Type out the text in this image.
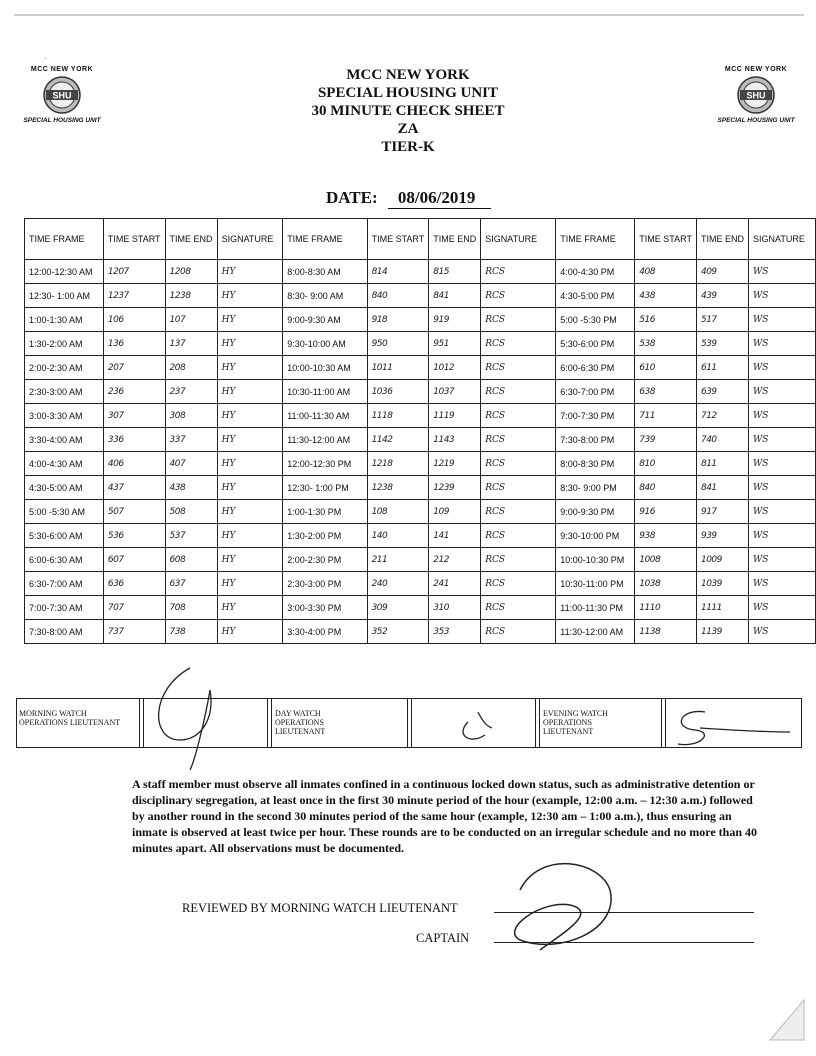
·
MCC NEW YORK
SHU
SPECIAL HOUSING UNIT
MCC NEW YORK
SHU
SPECIAL HOUSING UNIT
MCC NEW YORK
SPECIAL HOUSING UNIT
30 MINUTE CHECK SHEET
ZA
TIER-K
DATE: 08/06/2019
TIME FRAME	TIME START	TIME END	SIGNATURE	TIME FRAME	TIME START	TIME END	SIGNATURE	TIME FRAME	TIME START	TIME END	SIGNATURE
12:00-12:30 AM	1207	1208	HY	8:00-8:30 AM	814	815	RCS	4:00-4:30 PM	408	409	WS
12:30- 1:00 AM	1237	1238	HY	8:30- 9:00 AM	840	841	RCS	4:30-5:00 PM	438	439	WS
1:00-1:30 AM	106	107	HY	9:00-9:30 AM	918	919	RCS	5:00 -5:30 PM	516	517	WS
1:30-2:00 AM	136	137	HY	9:30-10:00 AM	950	951	RCS	5:30-6:00 PM	538	539	WS
2:00-2:30 AM	207	208	HY	10:00-10:30 AM	1011	1012	RCS	6:00-6:30 PM	610	611	WS
2:30-3:00 AM	236	237	HY	10:30-11:00 AM	1036	1037	RCS	6:30-7:00 PM	638	639	WS
3:00-3:30 AM	307	308	HY	11:00-11:30 AM	1118	1119	RCS	7:00-7:30 PM	711	712	WS
3:30-4:00 AM	336	337	HY	11:30-12:00 AM	1142	1143	RCS	7:30-8:00 PM	739	740	WS
4:00-4:30 AM	406	407	HY	12:00-12:30 PM	1218	1219	RCS	8:00-8:30 PM	810	811	WS
4:30-5:00 AM	437	438	HY	12:30- 1:00 PM	1238	1239	RCS	8:30- 9:00 PM	840	841	WS
5:00 -5:30 AM	507	508	HY	1:00-1:30 PM	108	109	RCS	9:00-9:30 PM	916	917	WS
5:30-6:00 AM	536	537	HY	1:30-2:00 PM	140	141	RCS	9:30-10:00 PM	938	939	WS
6:00-6:30 AM	607	608	HY	2:00-2:30 PM	211	212	RCS	10:00-10:30 PM	1008	1009	WS
6:30-7:00 AM	636	637	HY	2:30-3:00 PM	240	241	RCS	10:30-11:00 PM	1038	1039	WS
7:00-7:30 AM	707	708	HY	3:00-3:30 PM	309	310	RCS	11:00-11:30 PM	1110	1111	WS
7:30-8:00 AM	737	738	HY	3:30-4:00 PM	352	353	RCS	11:30-12:00 AM	1138	1139	WS
MORNING WATCH OPERATIONS LIEUTENANT
DAY WATCH OPERATIONS LIEUTENANT
EVENING WATCH OPERATIONS LIEUTENANT
A staff member must observe all inmates confined in a continuous locked down status, such as administrative detention or disciplinary segregation, at least once in the first 30 minute period of the hour (example, 12:00 a.m. – 12:30 a.m.) followed by another round in the second 30 minutes period of the same hour (example, 12:30 am – 1:00 a.m.), thus ensuring an inmate is observed at least twice per hour. These rounds are to be conducted on an irregular schedule and no more than 40 minutes apart. All observations must be documented.
REVIEWED BY MORNING WATCH LIEUTENANT
CAPTAIN
